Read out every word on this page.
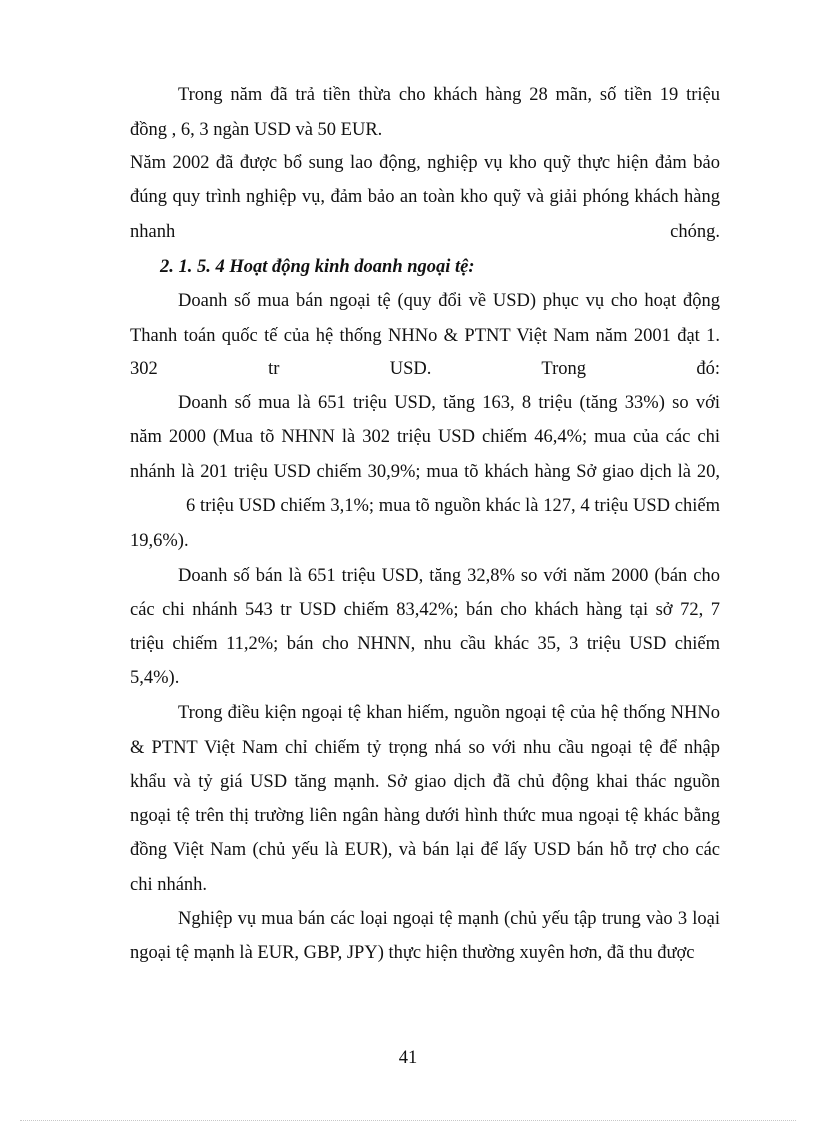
Trong năm đã trả tiền thừa cho khách hàng 28 mãn, số tiền 19 triệu
đồng , 6, 3 ngàn USD và 50 EUR.
Năm 2002 đã được bổ sung lao động, nghiệp vụ kho quỹ thực hiện đảm bảo
đúng quy trình nghiệp vụ, đảm bảo an toàn kho quỹ và giải phóng khách hàng
nhanh chóng.
2. 1. 5. 4 Hoạt động kinh doanh ngoại tệ:
Doanh số mua bán ngoại tệ (quy đổi về USD) phục vụ cho hoạt động
Thanh toán quốc tế của hệ thống NHNo & PTNT Việt Nam năm 2001 đạt 1.
302 tr USD. Trong đó:
Doanh số mua là 651 triệu USD, tăng 163, 8 triệu (tăng 33%) so với
năm 2000 (Mua tõ NHNN là 302 triệu USD chiếm 46,4%; mua của các chi
nhánh là 201 triệu USD chiếm 30,9%; mua tõ khách hàng Sở giao dịch là 20,
6 triệu USD chiếm 3,1%; mua tõ nguồn khác là 127, 4 triệu USD chiếm
19,6%).
Doanh số bán là 651 triệu USD, tăng 32,8% so với năm 2000 (bán cho
các chi nhánh 543 tr USD chiếm 83,42%; bán cho khách hàng tại sở 72, 7
triệu chiếm 11,2%; bán cho NHNN, nhu cầu khác 35, 3 triệu USD chiếm
5,4%).
Trong điều kiện ngoại tệ khan hiếm, nguồn ngoại tệ của hệ thống NHNo
& PTNT Việt Nam chỉ chiếm tỷ trọng nhá so với nhu cầu ngoại tệ để nhập
khẩu và tỷ giá USD tăng mạnh. Sở giao dịch đã chủ động khai thác nguồn
ngoại tệ trên thị trường liên ngân hàng dưới hình thức mua ngoại tệ khác bằng
đồng Việt Nam (chủ yếu là EUR), và bán lại để lấy USD bán hỗ trợ cho các
chi nhánh.
Nghiệp vụ mua bán các loại ngoại tệ mạnh (chủ yếu tập trung vào 3 loại
ngoại tệ mạnh là EUR, GBP, JPY) thực hiện thường xuyên hơn, đã thu được
41
